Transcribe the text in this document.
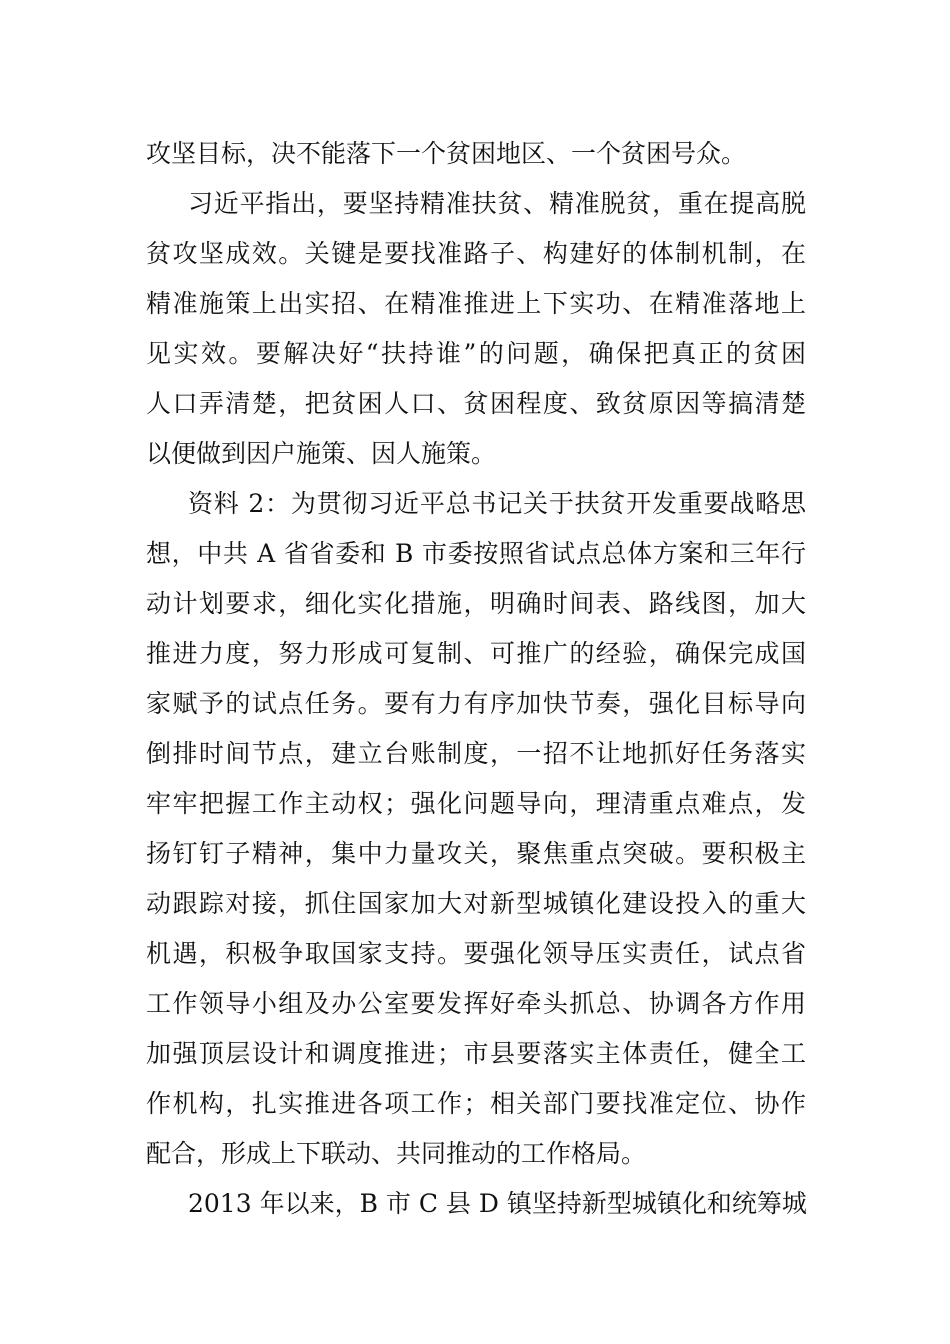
攻坚目标，决不能落下一个贫困地区、一个贫困号众。
习近平指出，要坚持精准扶贫、精准脱贫，重在提高脱
贫攻坚成效。关键是要找准路子、构建好的体制机制，在
精准施策上出实招、在精准推进上下实功、在精准落地上
见实效。要解决好“扶持谁”的问题，确保把真正的贫困
人口弄清楚，把贫困人口、贫困程度、致贫原因等搞清楚
以便做到因户施策、因人施策。
资料 2：为贯彻习近平总书记关于扶贫开发重要战略思
想，中共 A 省省委和 B 市委按照省试点总体方案和三年行
动计划要求，细化实化措施，明确时间表、路线图，加大
推进力度，努力形成可复制、可推广的经验，确保完成国
家赋予的试点任务。要有力有序加快节奏，强化目标导向
倒排时间节点，建立台账制度，一招不让地抓好任务落实
牢牢把握工作主动权；强化问题导向，理清重点难点，发
扬钉钉子精神，集中力量攻关，聚焦重点突破。要积极主
动跟踪对接，抓住国家加大对新型城镇化建设投入的重大
机遇，积极争取国家支持。要强化领导压实责任，试点省
工作领导小组及办公室要发挥好牵头抓总、协调各方作用
加强顶层设计和调度推进；市县要落实主体责任，健全工
作机构，扎实推进各项工作；相关部门要找准定位、协作
配合，形成上下联动、共同推动的工作格局。
2013 年以来，B 市 C 县 D 镇坚持新型城镇化和统筹城
